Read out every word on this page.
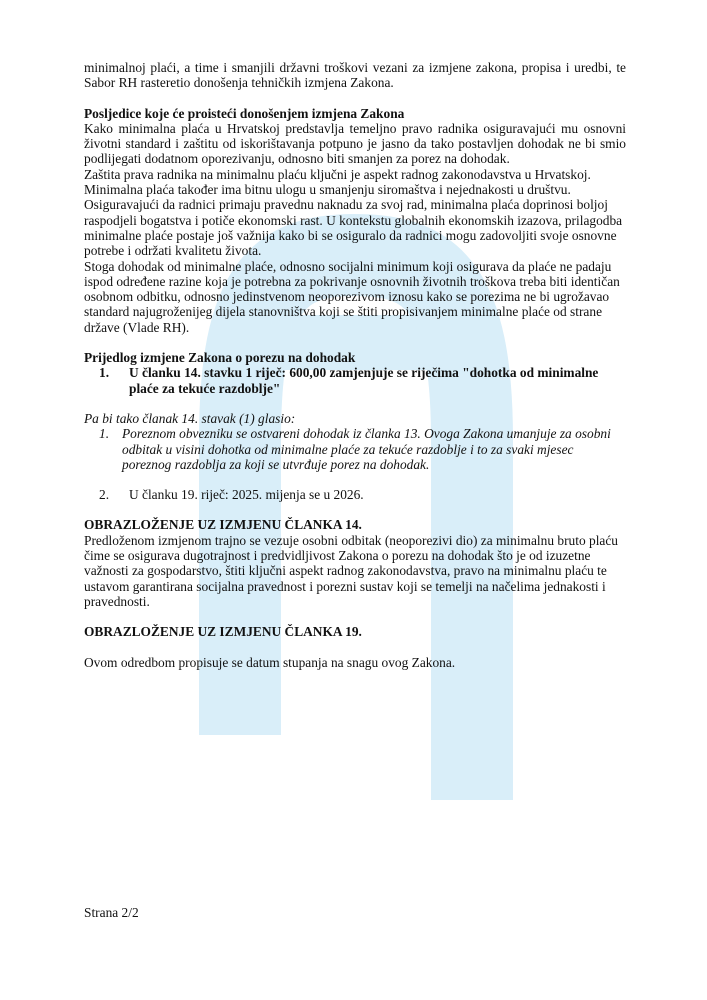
minimalnoj plaći, a time i smanjili državni troškovi vezani za izmjene zakona, propisa i uredbi, te Sabor RH rasteretio donošenja tehničkih izmjena Zakona.

Posljedice koje će proisteći donošenjem izmjena Zakona

Kako minimalna plaća u Hrvatskoj predstavlja temeljno pravo radnika osiguravajući mu osnovni životni standard i zaštitu od iskorištavanja potpuno je jasno da tako postavljen dohodak ne bi smio podlijegati dodatnom oporezivanju, odnosno biti smanjen za porez na dohodak.

Zaštita prava radnika na minimalnu plaću ključni je aspekt radnog zakonodavstva u Hrvatskoj. Minimalna plaća također ima bitnu ulogu u smanjenju siromaštva i nejednakosti u društvu. Osiguravajući da radnici primaju pravednu naknadu za svoj rad, minimalna plaća doprinosi boljoj raspodjeli bogatstva i potiče ekonomski rast. U kontekstu globalnih ekonomskih izazova, prilagodba minimalne plaće postaje još važnija kako bi se osiguralo da radnici mogu zadovoljiti svoje osnovne potrebe i održati kvalitetu života.

Stoga dohodak od minimalne plaće, odnosno socijalni minimum koji osigurava da plaće ne padaju ispod određene razine koja je potrebna za pokrivanje osnovnih životnih troškova treba biti identičan osobnom odbitku, odnosno jedinstvenom neoporezivom iznosu kako se porezima ne bi ugrožavao standard najugroženijeg dijela stanovništva koji se štiti propisivanjem minimalne plaće od strane države (Vlade RH).

Prijedlog izmjene Zakona o porezu na dohodak

1.	U članku 14. stavku 1 riječ: 600,00 zamjenjuje se riječima "dohotka od minimalne plaće za tekuće razdoblje"

Pa bi tako članak 14. stavak (1) glasio:

1. Poreznom obvezniku se ostvareni dohodak iz članka 13. Ovoga Zakona umanjuje za osobni odbitak u visini dohotka od minimalne plaće za tekuće razdoblje i to za svaki mjesec poreznog razdoblja za koji se utvrđuje porez na dohodak.
2.	U članku 19. riječ: 2025. mijenja se u 2026.

OBRAZLOŽENJE UZ IZMJENU ČLANKA 14.

Predloženom izmjenom trajno se vezuje osobni odbitak (neoporezivi dio) za minimalnu bruto plaću čime se osigurava dugotrajnost i predvidljivost Zakona o porezu na dohodak što je od izuzetne važnosti za gospodarstvo, štiti ključni aspekt radnog zakonodavstva, pravo na minimalnu plaću te ustavom garantirana socijalna pravednost i porezni sustav koji se temelji na načelima jednakosti i pravednosti.

OBRAZLOŽENJE UZ IZMJENU ČLANKA 19.

Ovom odredbom propisuje se datum stupanja na snagu ovog Zakona.

Strana 2/2
